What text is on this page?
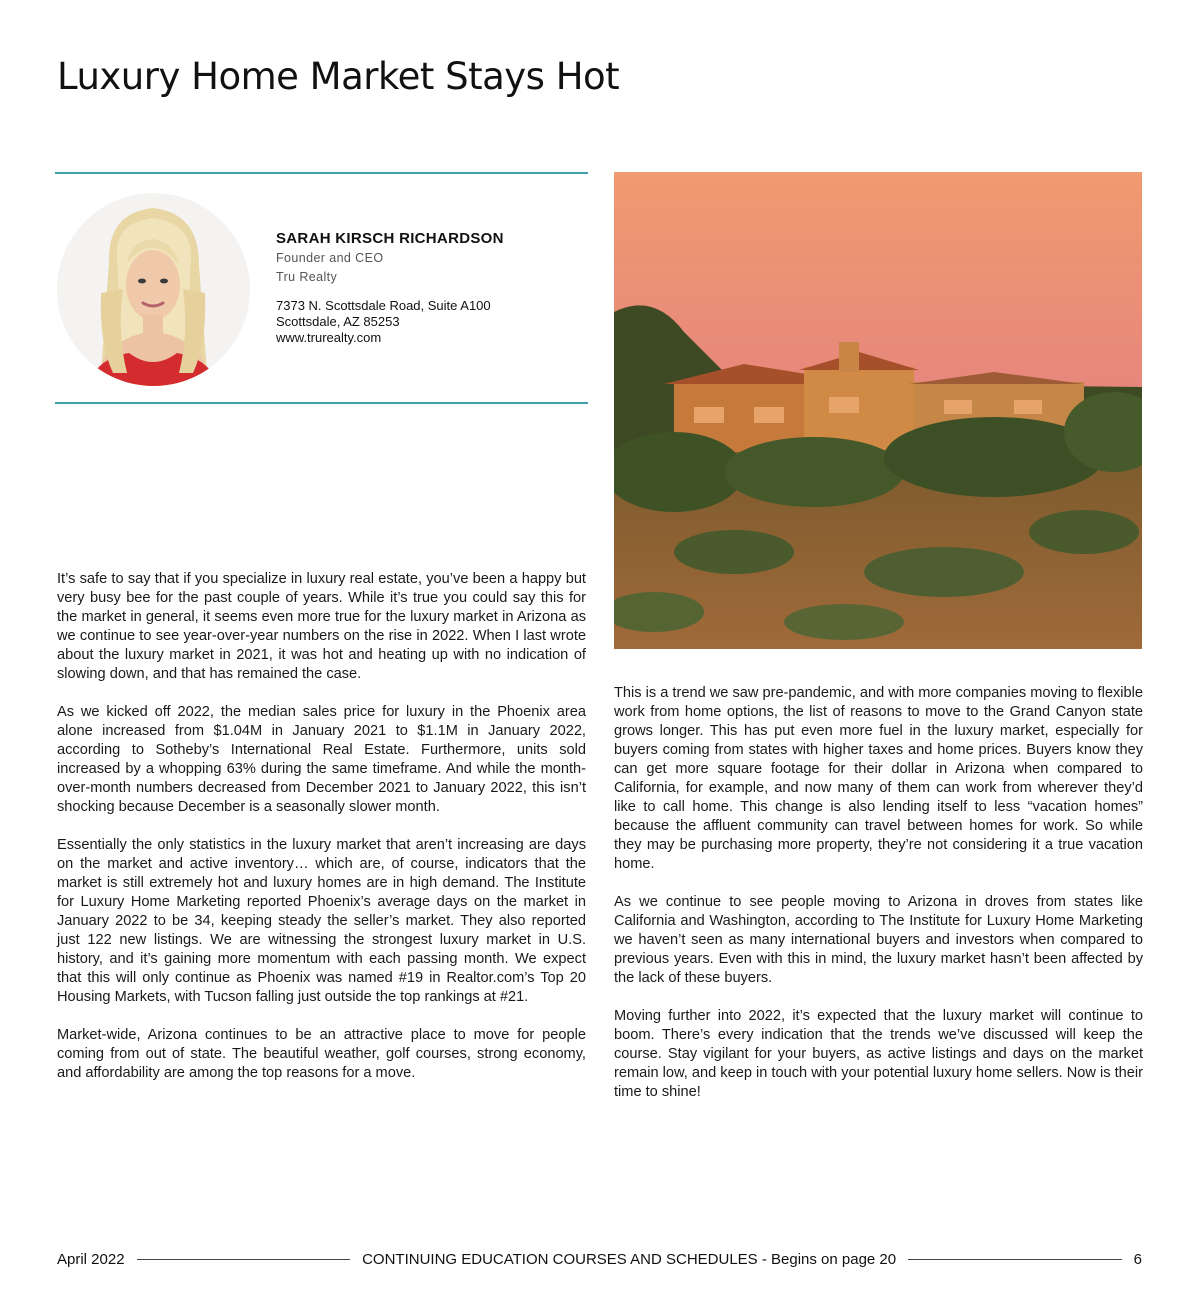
Luxury Home Market Stays Hot
SARAH KIRSCH RICHARDSON
Founder and CEO
Tru Realty
7373 N. Scottsdale Road, Suite A100
Scottsdale, AZ 85253
www.trurealty.com

It’s safe to say that if you specialize in luxury real estate, you’ve been a happy but very busy bee for the past couple of years. While it’s true you could say this for the market in general, it seems even more true for the luxury market in Arizona as we continue to see year-over-year numbers on the rise in 2022. When I last wrote about the luxury market in 2021, it was hot and heating up with no indication of slowing down, and that has remained the case.

As we kicked off 2022, the median sales price for luxury in the Phoenix area alone increased from $1.04M in January 2021 to $1.1M in January 2022, according to Sotheby’s International Real Estate. Furthermore, units sold increased by a whopping 63% during the same timeframe. And while the month-over-month numbers decreased from December 2021 to January 2022, this isn’t shocking because December is a seasonally slower month.

Essentially the only statistics in the luxury market that aren’t increasing are days on the market and active inventory… which are, of course, indicators that the market is still extremely hot and luxury homes are in high demand. The Institute for Luxury Home Marketing reported Phoenix’s average days on the market in January 2022 to be 34, keeping steady the seller’s market. They also reported just 122 new listings. We are witnessing the strongest luxury market in U.S. history, and it’s gaining more momentum with each passing month. We expect that this will only continue as Phoenix was named #19 in Realtor.com’s Top 20 Housing Markets, with Tucson falling just outside the top rankings at #21.

Market-wide, Arizona continues to be an attractive place to move for people coming from out of state. The beautiful weather, golf courses, strong economy, and affordability are among the top reasons for a move.

This is a trend we saw pre-pandemic, and with more companies moving to flexible work from home options, the list of reasons to move to the Grand Canyon state grows longer. This has put even more fuel in the luxury market, especially for buyers coming from states with higher taxes and home prices. Buyers know they can get more square footage for their dollar in Arizona when compared to California, for example, and now many of them can work from wherever they’d like to call home. This change is also lending itself to less “vacation homes” because the affluent community can travel between homes for work. So while they may be purchasing more property, they’re not considering it a true vacation home.

As we continue to see people moving to Arizona in droves from states like California and Washington, according to The Institute for Luxury Home Marketing we haven’t seen as many international buyers and investors when compared to previous years. Even with this in mind, the luxury market hasn’t been affected by the lack of these buyers.

Moving further into 2022, it’s expected that the luxury market will continue to boom. There’s every indication that the trends we’ve discussed will keep the course. Stay vigilant for your buyers, as active listings and days on the market remain low, and keep in touch with your potential luxury home sellers. Now is their time to shine!

April 2022	CONTINUING EDUCATION COURSES AND SCHEDULES - Begins on page 20	6
